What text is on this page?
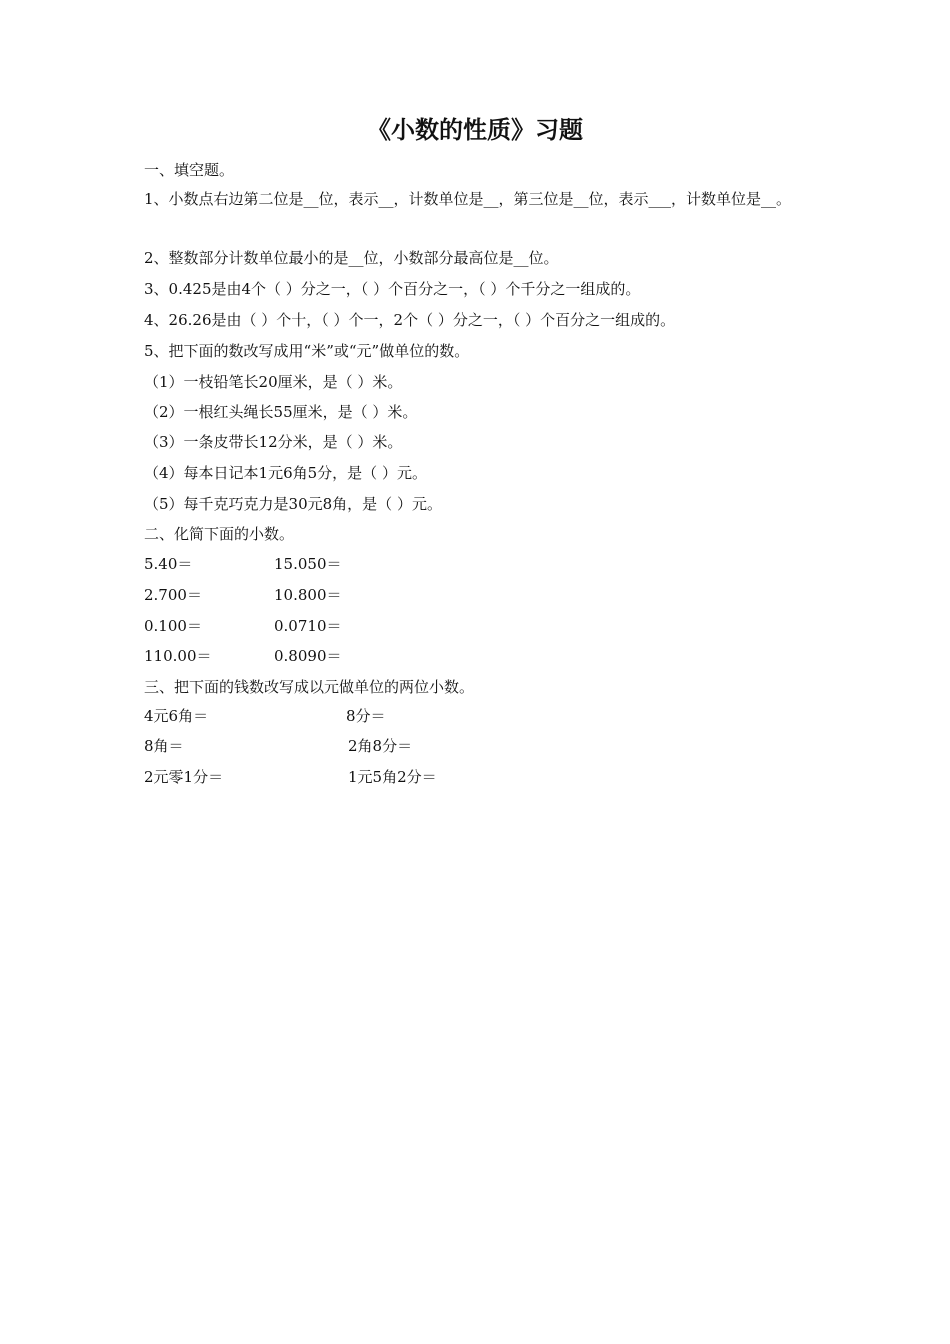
《小数的性质》习题
一、填空题。
1、小数点右边第二位是__位，表示__，计数单位是__，第三位是__位，表示___，计数单位是__。
2、整数部分计数单位最小的是__位，小数部分最高位是__位。
3、0.425是由4个（ ）分之一，（ ）个百分之一，（ ）个千分之一组成的。
4、26.26是由（ ）个十，（ ）个一，2个（ ）分之一，（ ）个百分之一组成的。
5、把下面的数改写成用“米”或“元”做单位的数。
（1）一枝铅笔长20厘米，是（ ）米。
（2）一根红头绳长55厘米，是（ ）米。
（3）一条皮带长12分米，是（ ）米。
（4）每本日记本1元6角5分，是（ ）元。
（5）每千克巧克力是30元8角，是（ ）元。
二、化简下面的小数。
5.40＝	15.050＝
2.700＝	10.800＝
0.100＝	0.0710＝
110.00＝	0.8090＝
三、把下面的钱数改写成以元做单位的两位小数。
4元6角＝	8分＝
8角＝	2角8分＝
2元零1分＝	1元5角2分＝
